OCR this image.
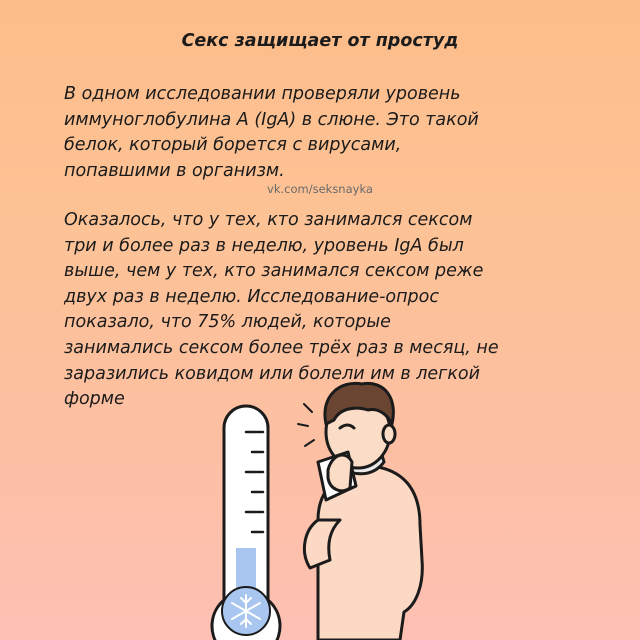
Секс защищает от простуд

В одном исследовании проверяли уровень
иммуноглобулина А (IgA) в слюне. Это такой
белок, который борется с вирусами,
попавшими в организм.

vk.com/seksnayka

Оказалось, что у тех, кто занимался сексом
три и более раз в неделю, уровень IgA был
выше, чем у тех, кто занимался сексом реже
двух раз в неделю. Исследование-опрос
показало, что 75% людей, которые
занимались сексом более трёх раз в месяц, не
заразились ковидом или болели им в легкой
форме
